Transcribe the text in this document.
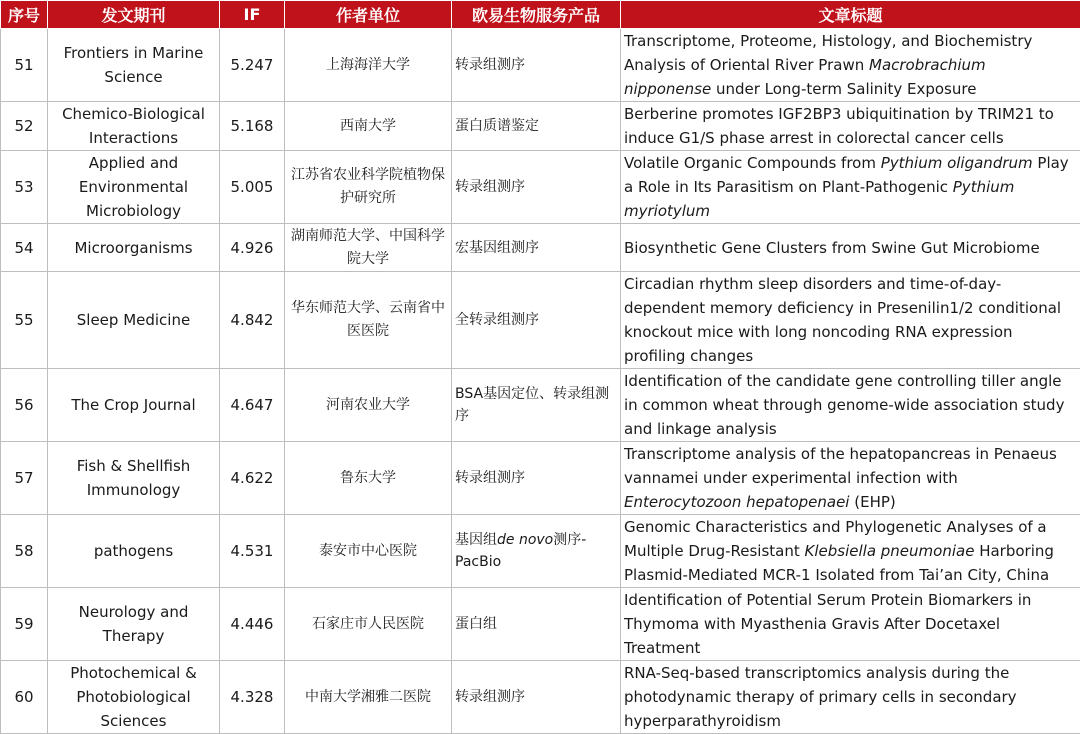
序号	发文期刊	IF	作者单位	欧易生物服务产品	文章标题
51	Frontiers in Marine Science	5.247	上海海洋大学	转录组测序	Transcriptome, Proteome, Histology, and Biochemistry Analysis of Oriental River Prawn Macrobrachium nipponense under Long-term Salinity Exposure
52	Chemico-Biological Interactions	5.168	西南大学	蛋白质谱鉴定	Berberine promotes IGF2BP3 ubiquitination by TRIM21 to induce G1/S phase arrest in colorectal cancer cells
53	Applied and Environmental Microbiology	5.005	江苏省农业科学院植物保护研究所	转录组测序	Volatile Organic Compounds from Pythium oligandrum Play a Role in Its Parasitism on Plant-Pathogenic Pythium myriotylum
54	Microorganisms	4.926	湖南师范大学、中国科学院大学	宏基因组测序	Biosynthetic Gene Clusters from Swine Gut Microbiome
55	Sleep Medicine	4.842	华东师范大学、云南省中医医院	全转录组测序	Circadian rhythm sleep disorders and time-of-day-dependent memory deficiency in Presenilin1/2 conditional knockout mice with long noncoding RNA expression profiling changes
56	The Crop Journal	4.647	河南农业大学	BSA基因定位、转录组测序	Identification of the candidate gene controlling tiller angle in common wheat through genome-wide association study and linkage analysis
57	Fish & Shellfish Immunology	4.622	鲁东大学	转录组测序	Transcriptome analysis of the hepatopancreas in Penaeus vannamei under experimental infection with Enterocytozoon hepatopenaei (EHP)
58	pathogens	4.531	泰安市中心医院	基因组de novo测序-PacBio	Genomic Characteristics and Phylogenetic Analyses of a Multiple Drug-Resistant Klebsiella pneumoniae Harboring Plasmid-Mediated MCR-1 Isolated from Tai’an City, China
59	Neurology and Therapy	4.446	石家庄市人民医院	蛋白组	Identification of Potential Serum Protein Biomarkers in Thymoma with Myasthenia Gravis After Docetaxel Treatment
60	Photochemical & Photobiological Sciences	4.328	中南大学湘雅二医院	转录组测序	RNA-Seq-based transcriptomics analysis during the photodynamic therapy of primary cells in secondary hyperparathyroidism
